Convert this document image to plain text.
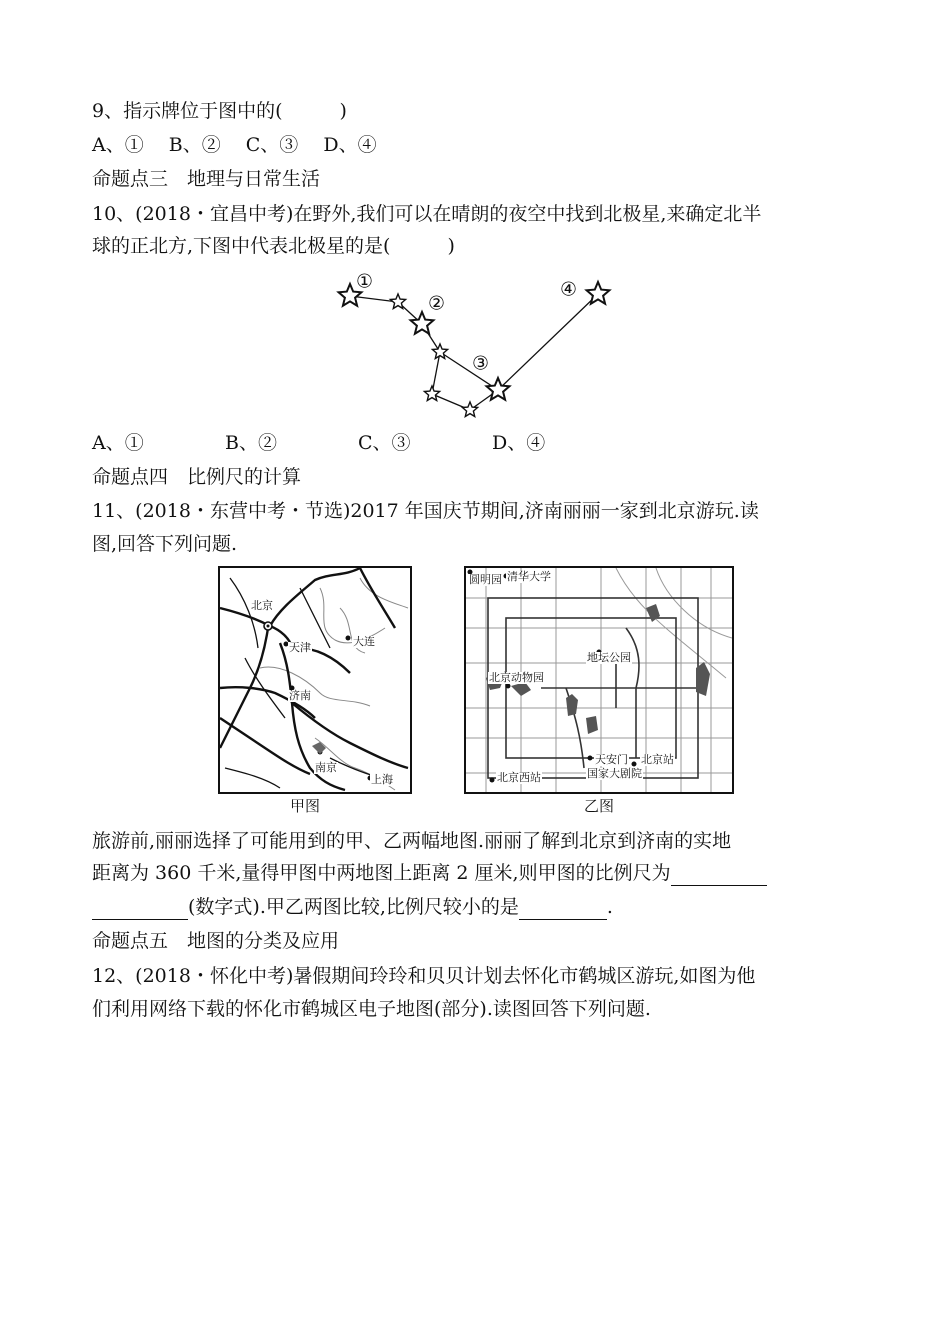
9、指示牌位于图中的(　　　)
A、①　 B、②　 C、③　 D、④
命题点三　地理与日常生活
10、(2018・宜昌中考)在野外,我们可以在晴朗的夜空中找到北极星,来确定北半
球的正北方,下图中代表北极星的是(　　　)
①
②
③
④
A、①	B、②	C、③	D、④
命题点四　比例尺的计算
11、(2018・东营中考・节选)2017 年国庆节期间,济南丽丽一家到北京游玩.读
图,回答下列问题.
北京
天津	大连
济南
南京
上海
甲图
圆明园 清华大学
地坛公园
北京动物园
天安门 北京站
北京西站	国家大剧院
乙图
旅游前,丽丽选择了可能用到的甲、乙两幅地图.丽丽了解到北京到济南的实地
距离为 360 千米,量得甲图中两地图上距离 2 厘米,则甲图的比例尺为
(数字式).甲乙两图比较,比例尺较小的是	.
命题点五　地图的分类及应用
12、(2018・怀化中考)暑假期间玲玲和贝贝计划去怀化市鹤城区游玩,如图为他
们利用网络下载的怀化市鹤城区电子地图(部分).读图回答下列问题.
